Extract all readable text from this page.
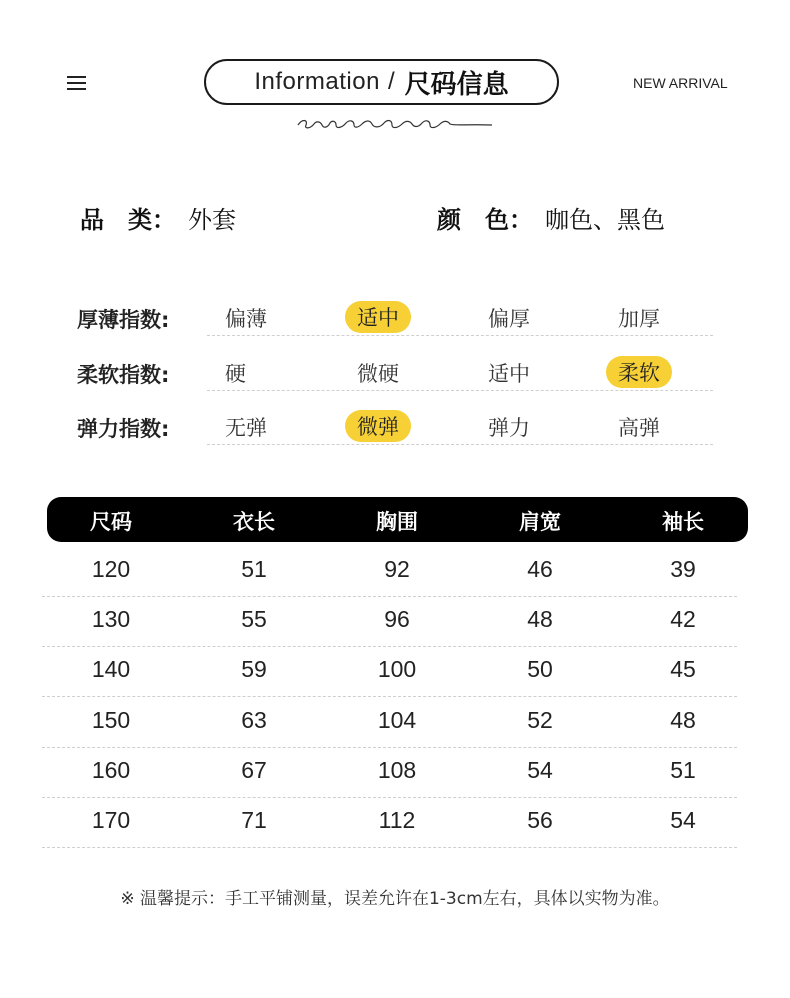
Information / 尺码信息	NEW ARRIVAL
品　类： 外套	颜　色： 咖色、黑色
厚薄指数:	偏薄	适中	偏厚	加厚
柔软指数:	硬	微硬	适中	柔软
弹力指数:	无弹	微弹	弹力	高弹
尺码	衣长	胸围	肩宽	袖长
120	51	92	46	39
130	55	96	48	42
140	59	100	50	45
150	63	104	52	48
160	67	108	54	51
170	71	112	56	54
※ 温馨提示：手工平铺测量，误差允许在1-3cm左右，具体以实物为准。
